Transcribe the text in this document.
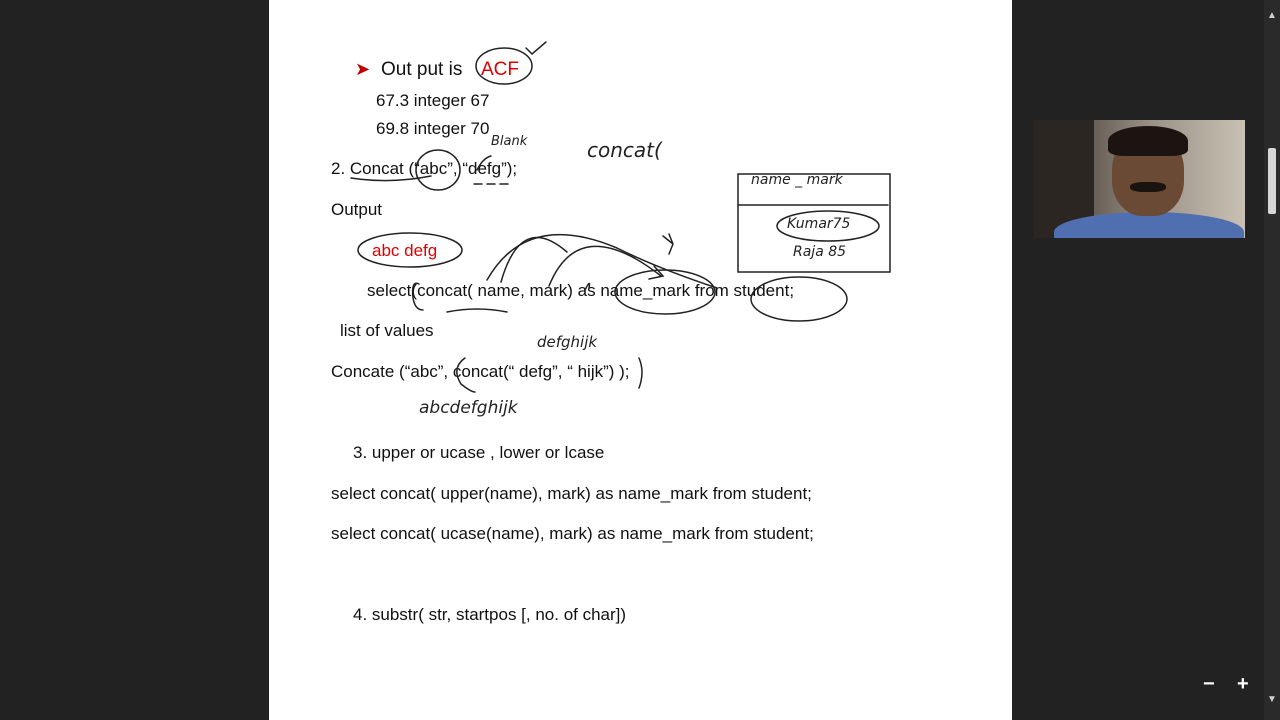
➤ Out put is ACF
67.3 integer 67
69.8 integer 70
2. Concat (“abc”, “defg”);
Output
abc defg
select(concat( name, mark) as name_mark from student;
list of values
Concate (“abc”, concat(“ defg”, “ hijk”) );
3. upper or ucase , lower or lcase
select concat( upper(name), mark) as name_mark from student;
select concat( ucase(name), mark) as name_mark from student;
4. substr( str, startpos [, no. of char])
Blank	concat(
name _ mark
Kumar75
Raja 85
defghijk
abcdefghijk
▲
▼
−	+
